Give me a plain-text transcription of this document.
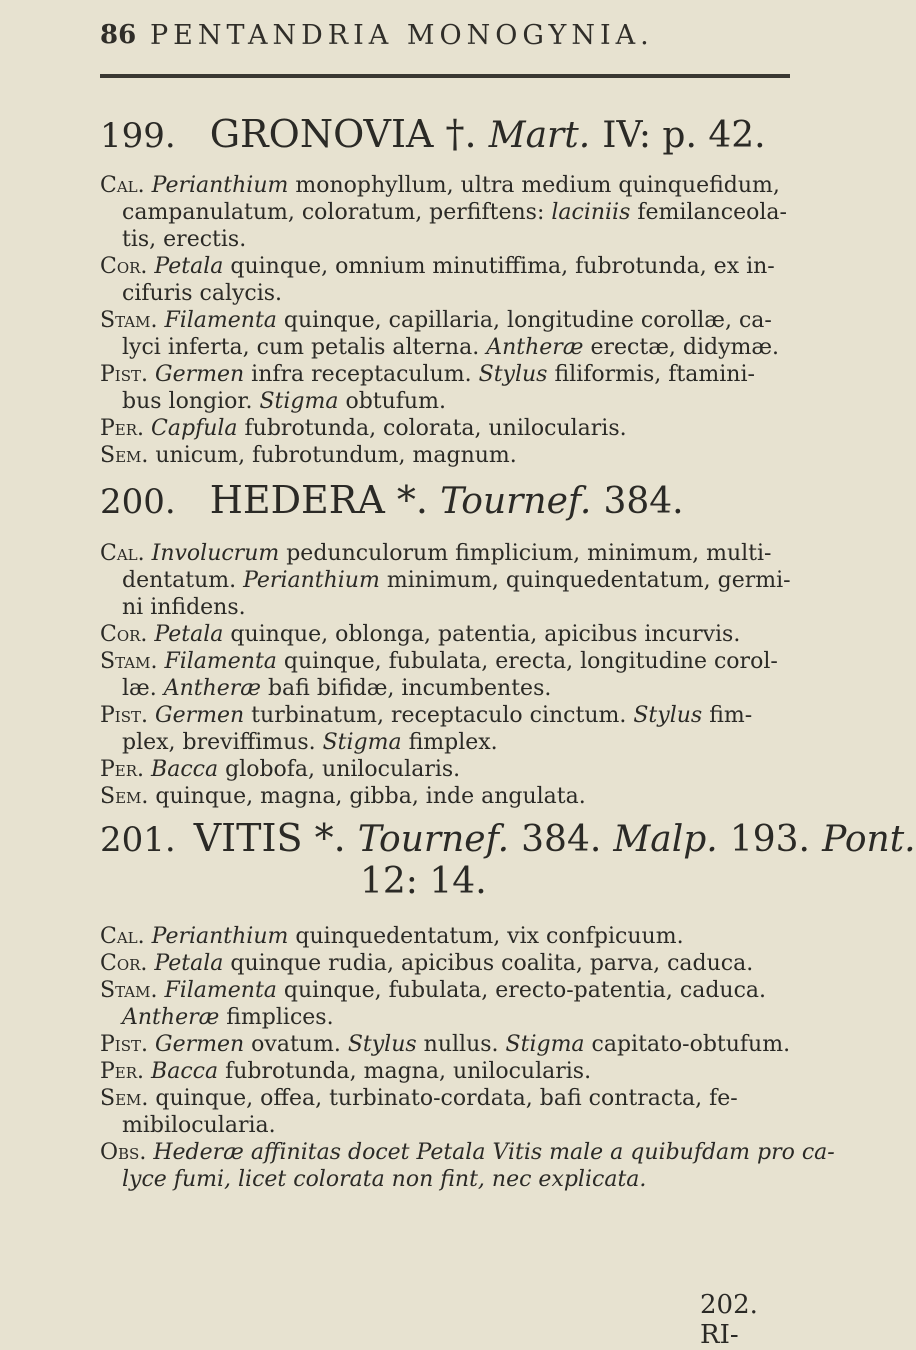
86 PENTANDRIA MONOGYNIA.
199. GRONOVIA †. Mart. IV: p. 42.
Cal. Perianthium monophyllum, ultra medium quinquefidum,
campanulatum, coloratum, perfiftens: laciniis femilanceola-
tis, erectis.
Cor. Petala quinque, omnium minutiffima, fubrotunda, ex in-
cifuris calycis.
Stam. Filamenta quinque, capillaria, longitudine corollæ, ca-
lyci inferta, cum petalis alterna. Antheræ erectæ, didymæ.
Pist. Germen infra receptaculum. Stylus filiformis, ftamini-
bus longior. Stigma obtufum.
Per. Capfula fubrotunda, colorata, unilocularis.
Sem. unicum, fubrotundum, magnum.
200. HEDERA *. Tournef. 384.
Cal. Involucrum pedunculorum fimplicium, minimum, multi-
dentatum. Perianthium minimum, quinquedentatum, germi-
ni infidens.
Cor. Petala quinque, oblonga, patentia, apicibus incurvis.
Stam. Filamenta quinque, fubulata, erecta, longitudine corol-
læ. Antheræ bafi bifidæ, incumbentes.
Pist. Germen turbinatum, receptaculo cinctum. Stylus fim-
plex, breviffimus. Stigma fimplex.
Per. Bacca globofa, unilocularis.
Sem. quinque, magna, gibba, inde angulata.
201. VITIS *. Tournef. 384. Malp. 193. Pont.
12: 14.
Cal. Perianthium quinquedentatum, vix confpicuum.
Cor. Petala quinque rudia, apicibus coalita, parva, caduca.
Stam. Filamenta quinque, fubulata, erecto-patentia, caduca.
Antheræ fimplices.
Pist. Germen ovatum. Stylus nullus. Stigma capitato-obtufum.
Per. Bacca fubrotunda, magna, unilocularis.
Sem. quinque, offea, turbinato-cordata, bafi contracta, fe-
mibilocularia.
Obs. Hederæ affinitas docet Petala Vitis male a quibufdam pro ca-
lyce fumi, licet colorata non fint, nec explicata.
202. RI-
